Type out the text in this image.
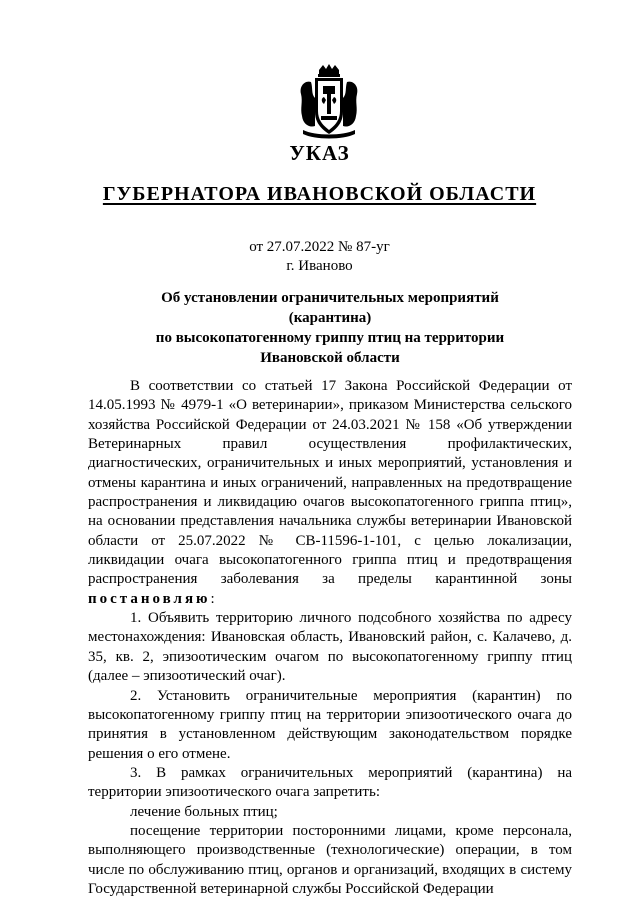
УКАЗ
ГУБЕРНАТОРА ИВАНОВСКОЙ ОБЛАСТИ
от 27.07.2022 № 87-уг
г. Иваново
Об установлении ограничительных мероприятий (карантина)
по высокопатогенному гриппу птиц на территории
Ивановской области

В соответствии со статьей 17 Закона Российской Федерации от 14.05.1993 № 4979-1 «О ветеринарии», приказом Министерства сельского хозяйства Российской Федерации от 24.03.2021 № 158 «Об утверждении Ветеринарных правил осуществления профилактических, диагностических, ограничительных и иных мероприятий, установления и отмены карантина и иных ограничений, направленных на предотвращение распространения и ликвидацию очагов высокопатогенного гриппа птиц», на основании представления начальника службы ветеринарии Ивановской области от 25.07.2022 № СВ-11596-1-101, с целью локализации, ликвидации очага высокопатогенного гриппа птиц и предотвращения распространения заболевания за пределы карантинной зоны постановляю:

1. Объявить территорию личного подсобного хозяйства по адресу местонахождения: Ивановская область, Ивановский район, с. Калачево, д. 35, кв. 2, эпизоотическим очагом по высокопатогенному гриппу птиц (далее – эпизоотический очаг).

2. Установить ограничительные мероприятия (карантин) по высокопатогенному гриппу птиц на территории эпизоотического очага до принятия в установленном действующим законодательством порядке решения о его отмене.

3. В рамках ограничительных мероприятий (карантина) на территории эпизоотического очага запретить:

лечение больных птиц;

посещение территории посторонними лицами, кроме персонала, выполняющего производственные (технологические) операции, в том числе по обслуживанию птиц, органов и организаций, входящих в систему Государственной ветеринарной службы Российской Федерации
